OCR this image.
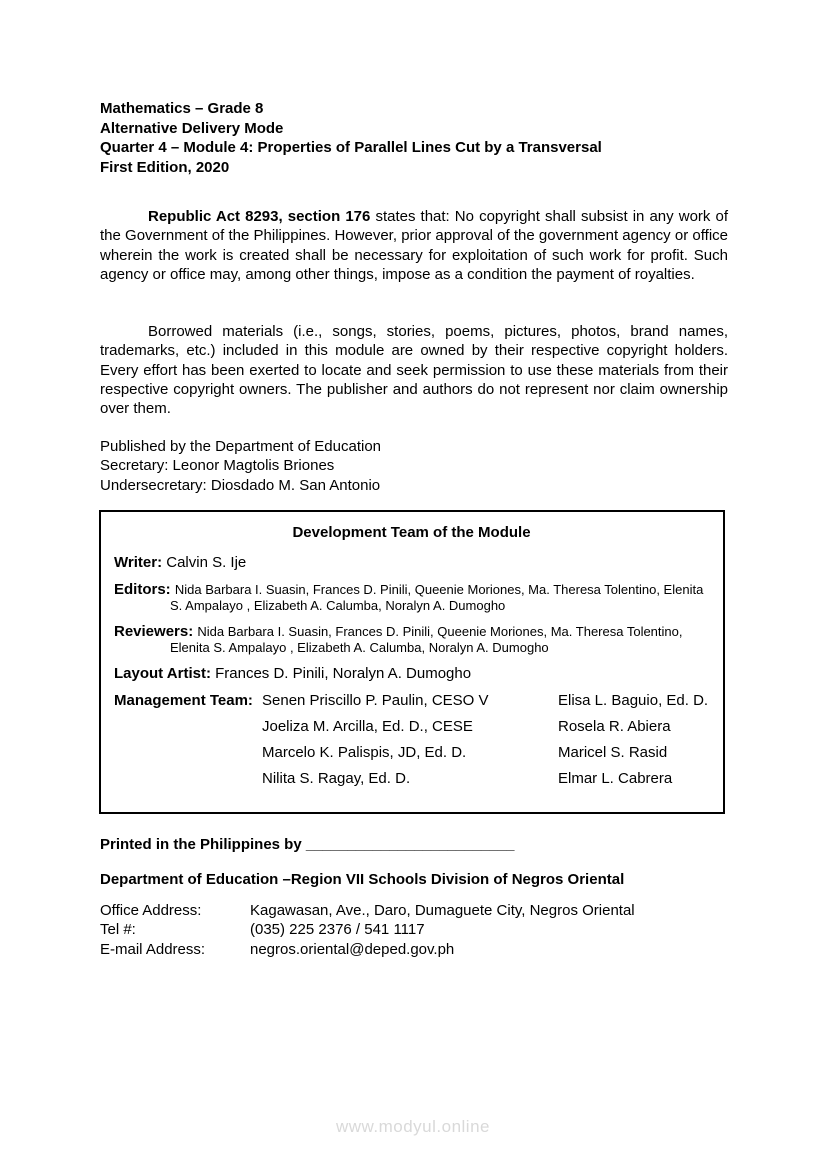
Mathematics – Grade 8
Alternative Delivery Mode
Quarter 4 – Module 4: Properties of Parallel Lines Cut by a Transversal
First Edition, 2020

Republic Act 8293, section 176 states that: No copyright shall subsist in any work of the Government of the Philippines. However, prior approval of the government agency or office wherein the work is created shall be necessary for exploitation of such work for profit. Such agency or office may, among other things, impose as a condition the payment of royalties.

Borrowed materials (i.e., songs, stories, poems, pictures, photos, brand names, trademarks, etc.) included in this module are owned by their respective copyright holders. Every effort has been exerted to locate and seek permission to use these materials from their respective copyright owners. The publisher and authors do not represent nor claim ownership over them.

Published by the Department of Education
Secretary: Leonor Magtolis Briones
Undersecretary: Diosdado M. San Antonio
Development Team of the Module
Writer: Calvin S. Ije
Editors: Nida Barbara I. Suasin, Frances D. Pinili, Queenie Moriones, Ma. Theresa Tolentino, Elenita S. Ampalayo , Elizabeth A. Calumba, Noralyn A. Dumogho
Reviewers: Nida Barbara I. Suasin, Frances D. Pinili, Queenie Moriones, Ma. Theresa Tolentino, Elenita S. Ampalayo , Elizabeth A. Calumba, Noralyn A. Dumogho
Layout Artist: Frances D. Pinili, Noralyn A. Dumogho
Management Team: Senen Priscillo P. Paulin, CESO V	Elisa L. Baguio, Ed. D.
Joeliza M. Arcilla, Ed. D., CESE	Rosela R. Abiera
Marcelo K. Palispis, JD, Ed. D.	Maricel S. Rasid
Nilita S. Ragay, Ed. D.	Elmar L. Cabrera
Printed in the Philippines by _________________________
Department of Education –Region VII Schools Division of Negros Oriental
Office Address:	Kagawasan, Ave., Daro, Dumaguete City, Negros Oriental
Tel #:	(035) 225 2376 / 541 1117
E-mail Address:	negros.oriental@deped.gov.ph
www.modyul.online
